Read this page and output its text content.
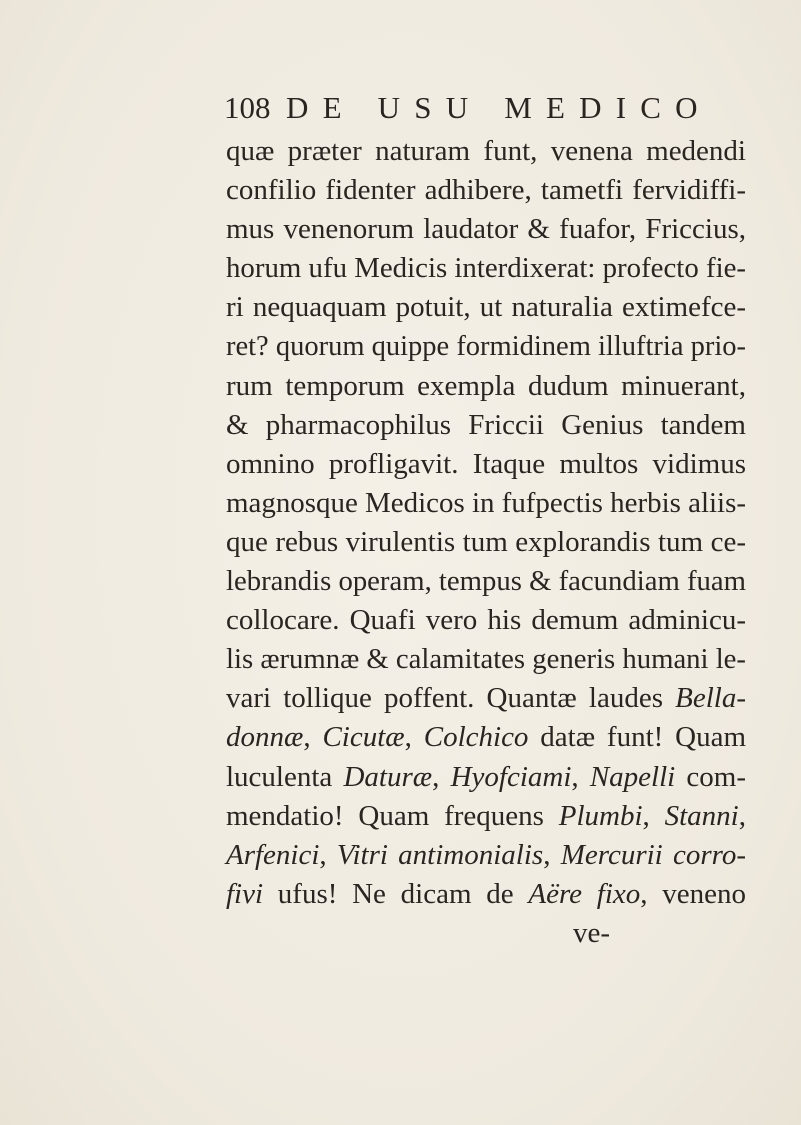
108 DE USU MEDICO
quæ præter naturam funt, venena medendi
confilio fidenter adhibere, tametfi fervidiffi-
mus venenorum laudator & fuafor, Friccius,
horum ufu Medicis interdixerat: profecto fie-
ri nequaquam potuit, ut naturalia extimefce-
ret? quorum quippe formidinem illuftria prio-
rum temporum exempla dudum minuerant,
& pharmacophilus Friccii Genius tandem
omnino profligavit. Itaque multos vidimus
magnosque Medicos in fufpectis herbis aliis-
que rebus virulentis tum explorandis tum ce-
lebrandis operam, tempus & facundiam fuam
collocare. Quafi vero his demum adminicu-
lis ærumnæ & calamitates generis humani le-
vari tollique poffent. Quantæ laudes Bella-
donnæ, Cicutæ, Colchico datæ funt! Quam
luculenta Daturæ, Hyofciami, Napelli com-
mendatio! Quam frequens Plumbi, Stanni,
Arfenici, Vitri antimonialis, Mercurii corro-
fivi ufus! Ne dicam de Aëre fixo, veneno
ve-
